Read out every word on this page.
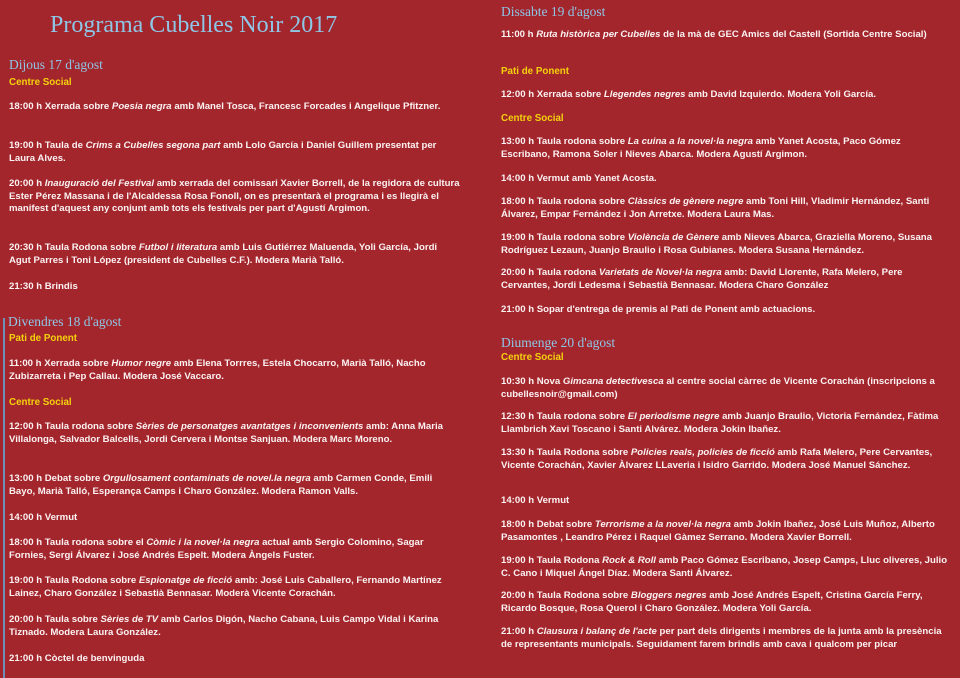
Programa Cubelles Noir 2017
Dijous 17 d'agost
Centre Social
18:00 h Xerrada sobre Poesia negra amb Manel Tosca, Francesc Forcades i Angelique Pfitzner.
19:00 h Taula de Crims a Cubelles segona part amb Lolo García i Daniel Guillem presentat per Laura Alves.
20:00 h Inauguració del Festival amb xerrada del comissari Xavier Borrell, de la regidora de cultura Ester Pérez Massana i de l'Alcaldessa Rosa Fonoll, on es presentarà el programa i es llegirà el manifest d'aquest any conjunt amb tots els festivals per part d'Agustí Argimon.
20:30 h Taula Rodona sobre Futbol i literatura amb Luis Gutiérrez Maluenda, Yoli García, Jordi Agut Parres i Toni López (president de Cubelles C.F.). Modera Marià Talló.
21:30 h Brindis
Divendres 18 d'agost
Pati de Ponent
11:00 h Xerrada sobre Humor negre amb Elena Torrres, Estela Chocarro, Marià Talló, Nacho Zubizarreta i Pep Callau. Modera José Vaccaro.
Centre Social
12:00 h Taula rodona sobre Sèries de personatges avantatges i inconvenients amb: Anna Maria Villalonga, Salvador Balcells, Jordi Cervera i Montse Sanjuan. Modera Marc Moreno.
13:00 h Debat sobre Orgullosament contaminats de novel.la negra amb Carmen Conde, Emili Bayo, Marià Talló, Esperança Camps i Charo González. Modera Ramon Valls.
14:00 h Vermut
18:00 h Taula rodona sobre el Còmic i la novel·la negra actual amb Sergio Colomino, Sagar Fornies, Sergi Álvarez i José Andrés Espelt. Modera Àngels Fuster.
19:00 h Taula Rodona sobre Espionatge de ficció amb: José Luis Caballero, Fernando Martínez Lainez, Charo González i Sebastià Bennasar. Moderà Vicente Corachán.
20:00 h Taula sobre Sèries de TV amb Carlos Digón, Nacho Cabana, Luis Campo Vidal i Karina Tiznado. Modera Laura González.
21:00 h Còctel de benvinguda
Dissabte 19 d'agost
11:00 h Ruta històrica per Cubelles de la mà de GEC Amics del Castell (Sortida Centre Social)
Pati de Ponent
12:00 h Xerrada sobre Llegendes negres amb David Izquierdo. Modera Yoli García.
Centre Social
13:00 h Taula rodona sobre La cuina a la novel·la negra amb Yanet Acosta, Paco Gómez Escribano, Ramona Soler i Nieves Abarca. Modera Agustí Argimon.
14:00 h Vermut amb Yanet Acosta.
18:00 h Taula rodona sobre Clàssics de gènere negre amb Toni Hill, Vladimir Hernández, Santi Álvarez, Empar Fernández i Jon Arretxe. Modera Laura Mas.
19:00 h Taula rodona sobre Violència de Gènere amb Nieves Abarca, Graziella Moreno, Susana Rodríguez Lezaun, Juanjo Braulio i Rosa Gubianes. Modera Susana Hernández.
20:00 h Taula rodona Varietats de Novel·la negra amb: David Llorente, Rafa Melero, Pere Cervantes, Jordi Ledesma i Sebastià Bennasar. Modera Charo González
21:00 h Sopar d'entrega de premis al Pati de Ponent amb actuacions.
Diumenge 20 d'agost
Centre Social
10:30 h Nova Gimcana detectivesca al centre social càrrec de Vicente Corachán (inscripcions a cubellesnoir@gmail.com)
12:30 h Taula rodona sobre El periodisme negre amb Juanjo Braulio, Victoria Fernández, Fàtima Llambrich Xavi Toscano i Santi Alvárez. Modera Jokin Ibañez.
13:30 h Taula Rodona sobre Policies reals, policies de ficció amb Rafa Melero, Pere Cervantes, Vicente Corachán, Xavier Àlvarez LLaveria i Isidro Garrido. Modera José Manuel Sánchez.
14:00 h Vermut
18:00 h Debat sobre Terrorisme a la novel·la negra amb Jokin Ibañez, José Luis Muñoz, Alberto Pasamontes , Leandro Pérez i Raquel Gàmez Serrano. Modera Xavier Borrell.
19:00 h Taula Rodona Rock & Roll amb Paco Gómez Escribano, Josep Camps, Lluc oliveres, Julio C. Cano i Miquel Ángel Díaz. Modera Santi Álvarez.
20:00 h Taula Rodona sobre Bloggers negres amb José Andrés Espelt, Cristina García Ferry, Ricardo Bosque, Rosa Querol i Charo González. Modera Yoli García.
21:00 h Clausura i balanç de l'acte per part dels dirigents i membres de la junta amb la presència de representants municipals. Seguidament farem brindis amb cava i qualcom per picar
